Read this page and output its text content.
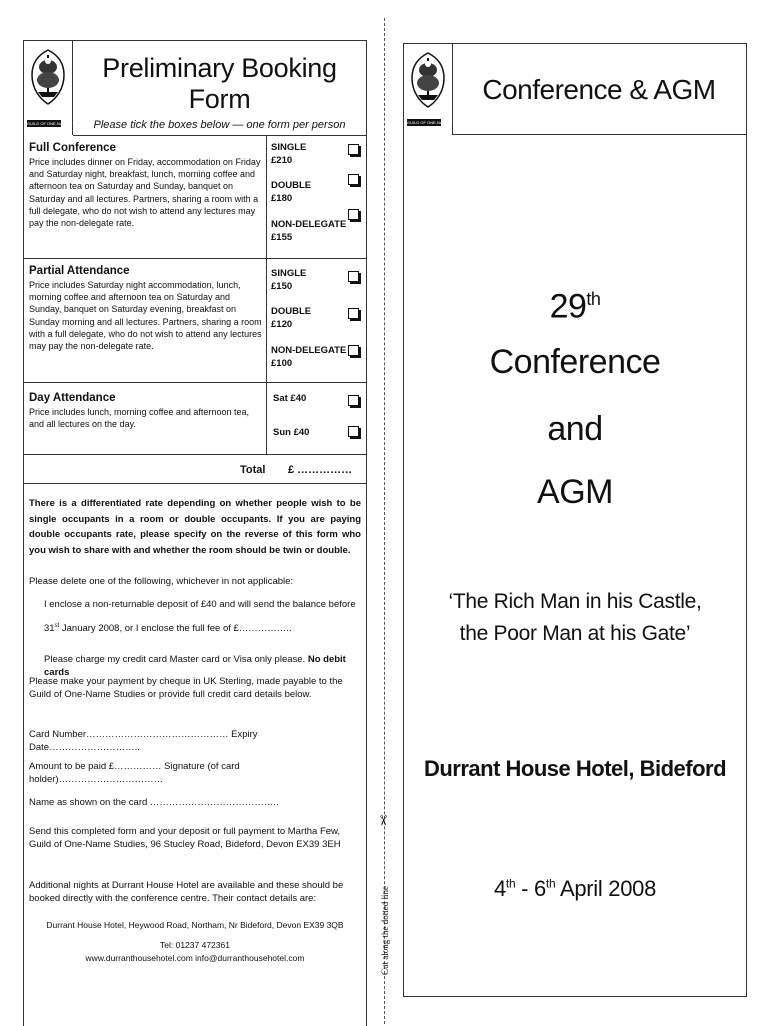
✂
Cut along the dotted line
GUILD OF ONE-NAME STUDIES
Preliminary Booking Form
Please tick the boxes below — one form per person
Full Conference
Price includes dinner on Friday, accommodation on Friday and Saturday night, breakfast, lunch, morning coffee and afternoon tea on Saturday and Sunday, banquet on Saturday and all lectures. Partners, sharing a room with a full delegate, who do not wish to attend any lectures may pay the non-delegate rate.
SINGLE
£210
DOUBLE
£180
NON-DELEGATE
£155
Partial Attendance
Price includes Saturday night accommodation, lunch, morning coffee and afternoon tea on Saturday and Sunday, banquet on Saturday evening, breakfast on Sunday morning and all lectures. Partners, sharing a room with a full delegate, who do not wish to attend any lectures may pay the non-delegate rate.
SINGLE
£150
DOUBLE
£120
NON-DELEGATE
£100
Day Attendance
Price includes lunch, morning coffee and afternoon tea, and all lectures on the day.
Sat £40
Sun £40
Total £ ……………
There is a differentiated rate depending on whether people wish to be single occupants in a room or double occupants. If you are paying double occupants rate, please specify on the reverse of this form who you wish to share with and whether the room should be twin or double.
Please delete one of the following, whichever in not applicable:
I enclose a non-returnable deposit of £40 and will send the balance before
31st January 2008, or I enclose the full fee of £……………..
Please charge my credit card Master card or Visa only please. No debit cards
Please make your payment by cheque in UK Sterling, made payable to the Guild of One-Name Studies or provide full credit card details below.
Card Number……………………………………… Expiry Date………………………..
Amount to be paid £…………… Signature (of card holder)……………………………
Name as shown on the card …………………………………..
Send this completed form and your deposit or full payment to Martha Few,
Guild of One-Name Studies, 96 Stucley Road, Bideford, Devon EX39 3EH
Additional nights at Durrant House Hotel are available and these should be booked directly with the conference centre. Their contact details are:
Durrant House Hotel, Heywood Road, Northam, Nr Bideford, Devon EX39 3QB
Tel: 01237 472361
www.durranthousehotel.com info@durranthousehotel.com
GUILD OF ONE-NAME STUDIES
Conference & AGM
29th
Conference
and
AGM
‘The Rich Man in his Castle,
the Poor Man at his Gate’
Durrant House Hotel, Bideford
4th - 6th April 2008
